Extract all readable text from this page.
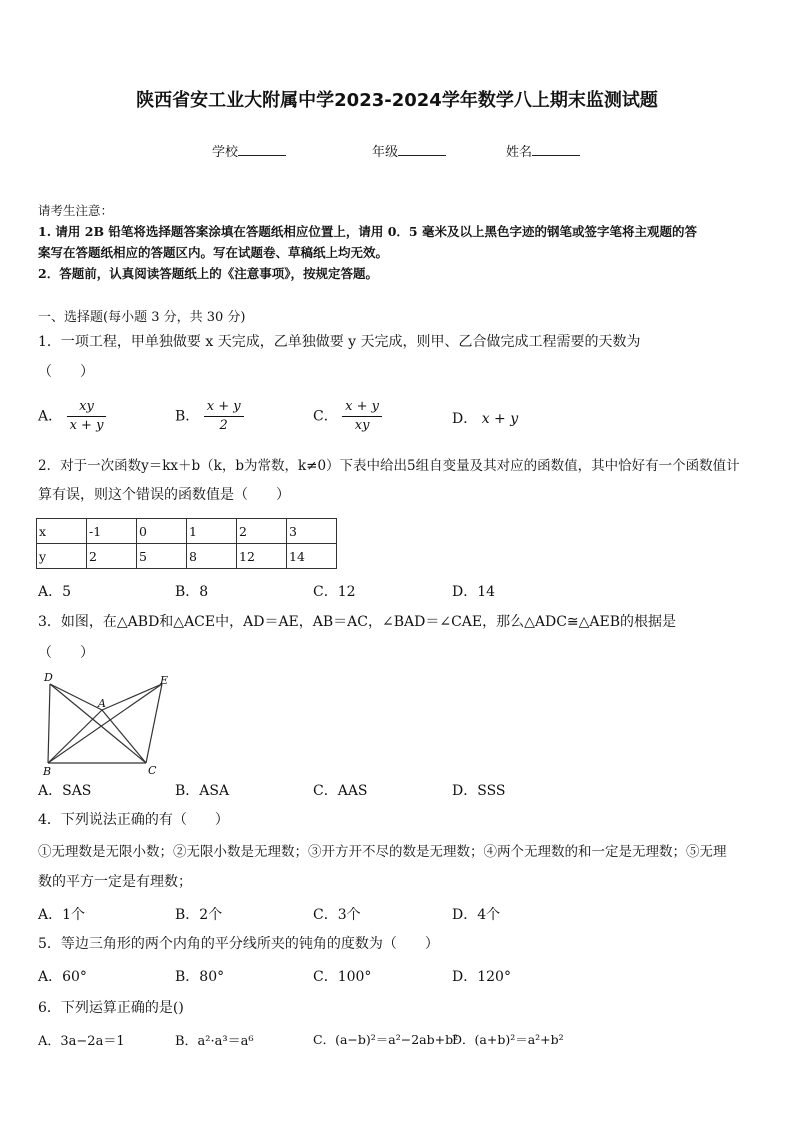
陕西省安工业大附属中学2023-2024学年数学八上期末监测试题
学校	年级	姓名
请考生注意：
1. 请用 2B 铅笔将选择题答案涂填在答题纸相应位置上，请用 0．5 毫米及以上黑色字迹的钢笔或签字笔将主观题的答
案写在答题纸相应的答题区内。写在试题卷、草稿纸上均无效。
2．答题前，认真阅读答题纸上的《注意事项》，按规定答题。
一、选择题(每小题 3 分，共 30 分)
1．一项工程，甲单独做要 x 天完成，乙单独做要 y 天完成，则甲、乙合做完成工程需要的天数为
（　　）
A． $\frac{xy}{x + y}$	B． $\frac{x + y}{2}$	C． $\frac{x + y}{xy}$	D． x + y
2．对于一次函数y＝kx＋b（k，b为常数，k≠0）下表中给出5组自变量及其对应的函数值，其中恰好有一个函数值计
算有误，则这个错误的函数值是（　　）
x	-1	0	1	2	3
y	2	5	8	12	14
A．5	B．8	C．12	D．14
3．如图，在△ABD和△ACE中，AD＝AE，AB＝AC，∠BAD＝∠CAE，那么△ADC≅△AEB的根据是
（　　）
D	E
A
B	C
A．SAS	B．ASA	C．AAS	D．SSS
4．下列说法正确的有（　　）
①无理数是无限小数；②无限小数是无理数；③开方开不尽的数是无理数；④两个无理数的和一定是无理数；⑤无理
数的平方一定是有理数；
A．1个	B．2个	C．3个	D．4个
5．等边三角形的两个内角的平分线所夹的钝角的度数为（　　）
A．60°	B．80°	C．100°	D．120°
6．下列运算正确的是()
A．3a−2a＝1	B．a²·a³＝a⁶	C．(a−b)²＝a²−2ab+b²
D．(a+b)²＝a²+b²
